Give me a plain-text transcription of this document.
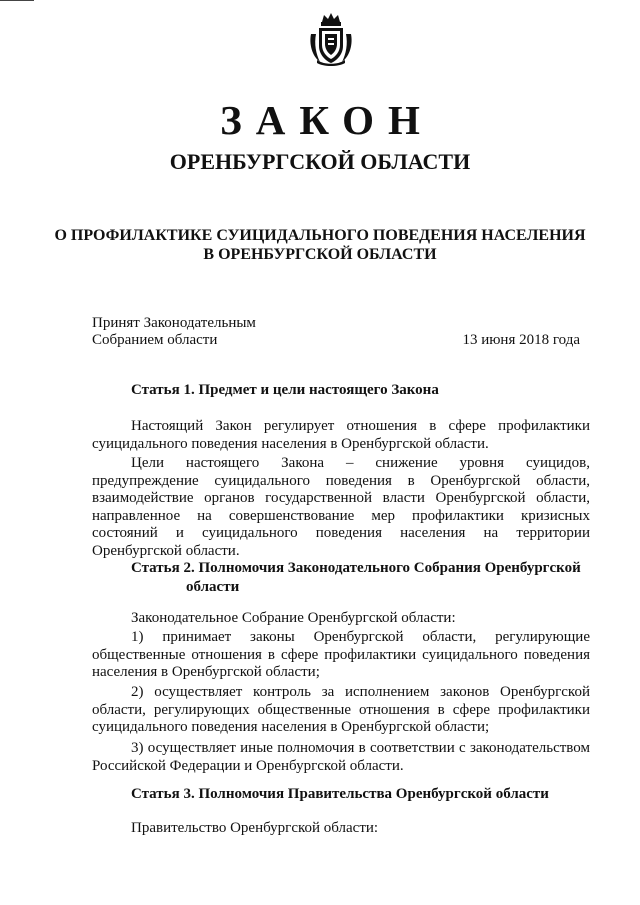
ЗАКОН
ОРЕНБУРГСКОЙ ОБЛАСТИ
О ПРОФИЛАКТИКЕ СУИЦИДАЛЬНОГО ПОВЕДЕНИЯ НАСЕЛЕНИЯ
В ОРЕНБУРГСКОЙ ОБЛАСТИ
Принят Законодательным
Собранием области	13 июня 2018 года
Статья 1. Предмет и цели настоящего Закона

Настоящий Закон регулирует отношения в сфере профилактики суицидального поведения населения в Оренбургской области.

Цели настоящего Закона – снижение уровня суицидов, предупреждение суицидального поведения в Оренбургской области, взаимодействие органов государственной власти Оренбургской области, направленное на совершенствование мер профилактики кризисных состояний и суицидального поведения населения на территории Оренбургской области.

Статья 2. Полномочия Законодательного Собрания Оренбургской
области

Законодательное Собрание Оренбургской области:

1) принимает законы Оренбургской области, регулирующие общественные отношения в сфере профилактики суицидального поведения населения в Оренбургской области;

2) осуществляет контроль за исполнением законов Оренбургской области, регулирующих общественные отношения в сфере профилактики суицидального поведения населения в Оренбургской области;

3) осуществляет иные полномочия в соответствии с законодательством Российской Федерации и Оренбургской области.

Статья 3. Полномочия Правительства Оренбургской области

Правительство Оренбургской области:
